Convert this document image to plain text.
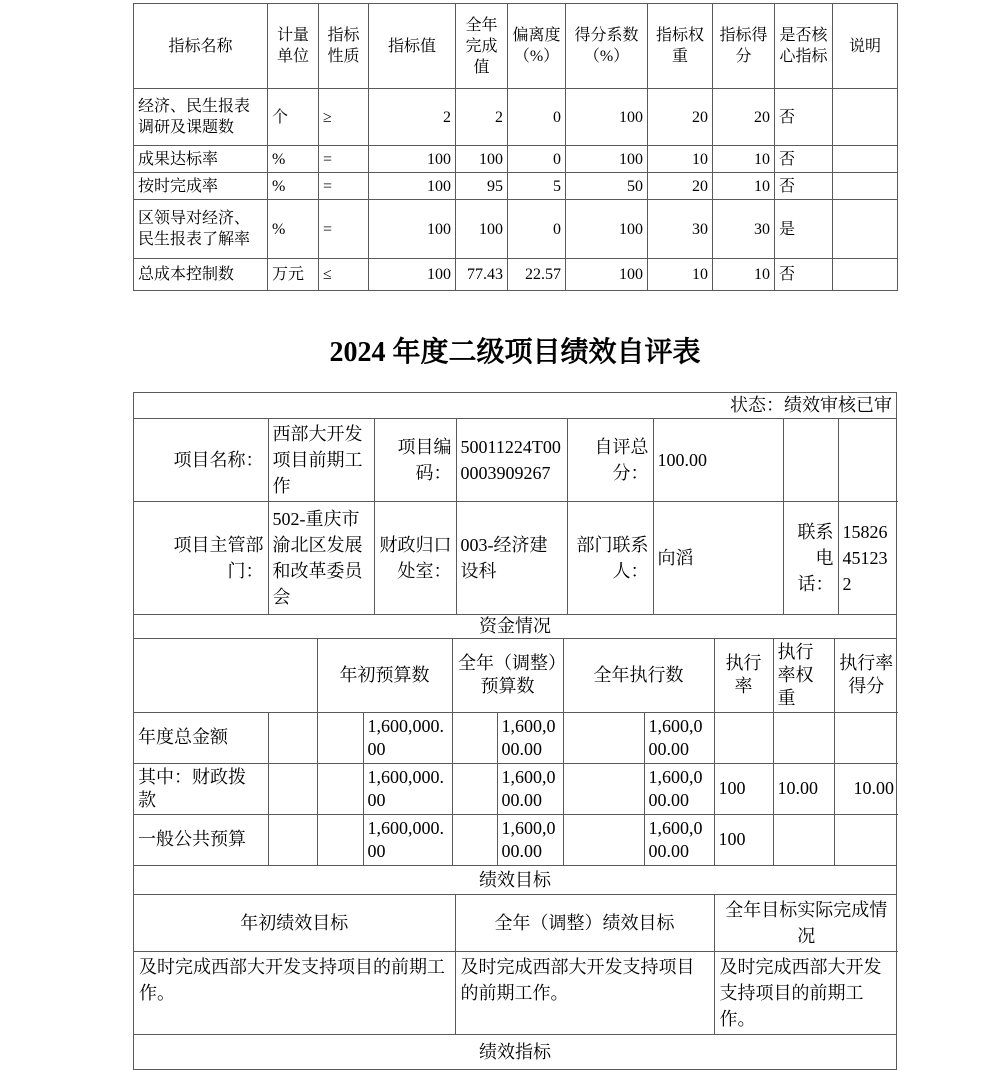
指标名称	计量单位	指标性质	指标值	全年完成值	偏离度（%）	得分系数（%）	指标权重	指标得分	是否核心指标	说明
经济、民生报表调研及课题数	个	≥	2	2	0	100	20	20	否	
成果达标率	%	=	100	100	0	100	10	10	否	
按时完成率	%	=	100	95	5	50	20	10	否	
区领导对经济、民生报表了解率	%	=	100	100	0	100	30	30	是	
总成本控制数	万元	≤	100	77.43	22.57	100	10	10	否	
2024 年度二级项目绩效自评表
状态：绩效审核已审
项目名称：	西部大开发项目前期工作	项目编码：	50011224T000003909267	自评总分：	100.00		
项目主管部门：	502-重庆市渝北区发展和改革委员会	财政归口处室：	003-经济建设科	部门联系人：	向滔	联系电话：	15826451232
资金情况
		年初预算数		全年（调整）预算数		全年执行数		执行率	执行率权重	执行率得分
年度总金额			1,600,000.00		1,600,000.00		1,600,000.00			
其中：财政拨款			1,600,000.00		1,600,000.00		1,600,000.00	100	10.00	10.00
一般公共预算			1,600,000.00		1,600,000.00		1,600,000.00	100		
绩效目标
年初绩效目标	全年（调整）绩效目标	全年目标实际完成情况
及时完成西部大开发支持项目的前期工作。	及时完成西部大开发支持项目的前期工作。	及时完成西部大开发支持项目的前期工作。
绩效指标
